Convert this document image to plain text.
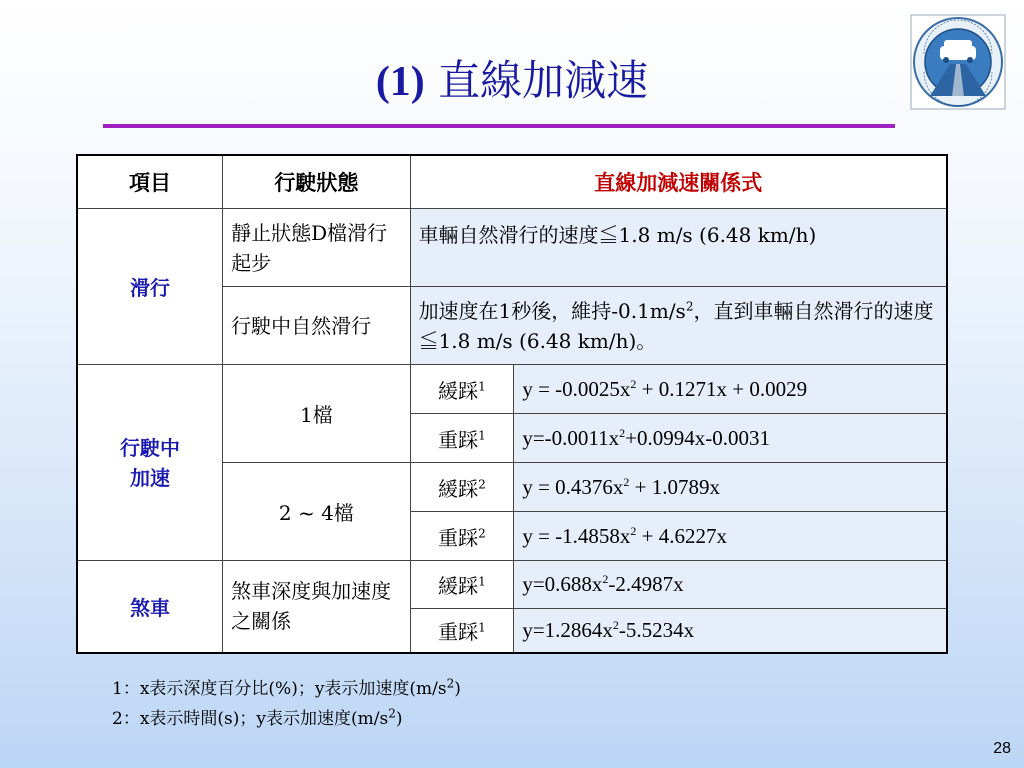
(1) 直線加減速
項目	行駛狀態	直線加減速關係式	
滑行	靜止狀態D檔滑行起步	車輛自然滑行的速度≦1.8 m/s (6.48 km/h)	
	行駛中自然滑行	加速度在1秒後，維持$-0.1m/s^2$，直到車輛自然滑行的速度≦1.8 m/s (6.48 km/h)。	
行駛中
加速	1檔	緩踩$^1$	$y = -0.0025x^2 + 0.1271x + 0.0029$
		重踩$^1$	$y=-0.0011x^2+0.0994x-0.0031$
	2 ~ 4檔	緩踩$^2$	$y = 0.4376x^2 + 1.0789x$
		重踩$^2$	$y = -1.4858x^2 + 4.6227x$
煞車	煞車深度與加速度之關係	緩踩$^1$	$y=0.688x^2-2.4987x$
		重踩$^1$	$y=1.2864x^2-5.5234x$
1：x表示深度百分比(%)；y表示加速度$(m/s^2)$
2：x表示時間(s)；y表示加速度$(m/s^2)$
28
